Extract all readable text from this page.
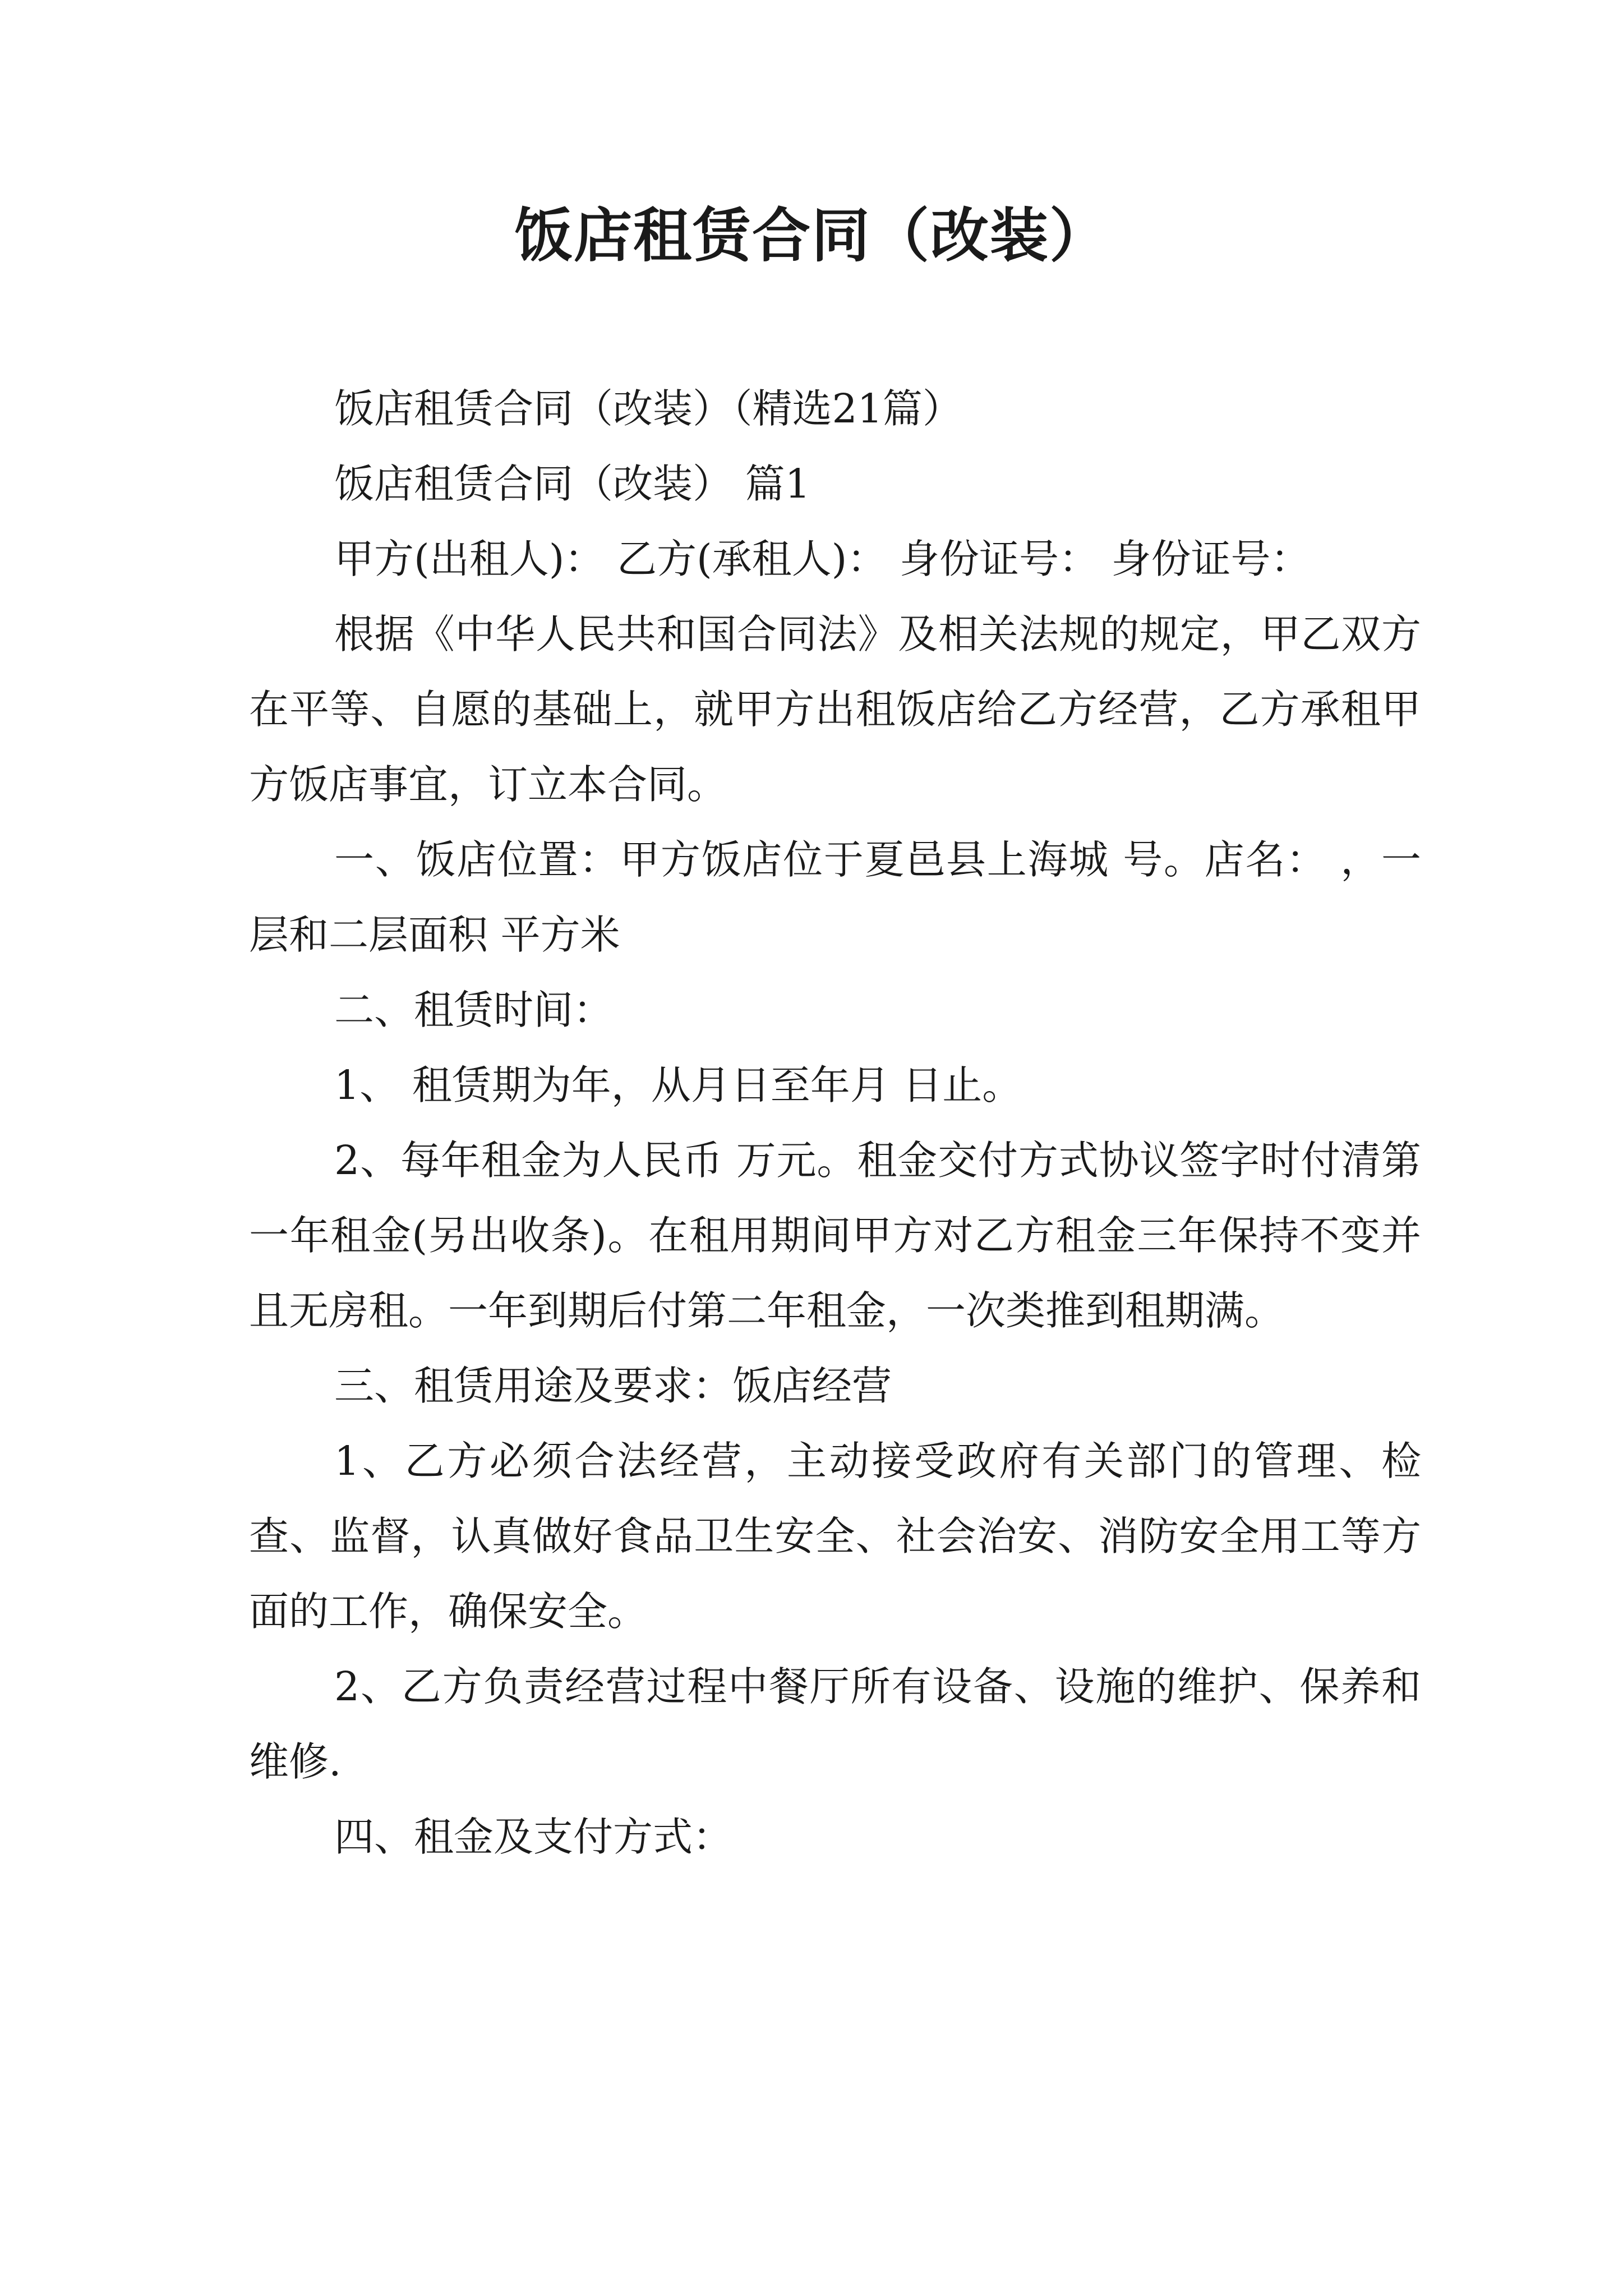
饭店租赁合同（改装）

饭店租赁合同（改装）（精选21篇）

饭店租赁合同（改装） 篇1

甲方(出租人)： 乙方(承租人)： 身份证号： 身份证号：

根据《中华人民共和国合同法》及相关法规的规定，甲乙双方在平等、自愿的基础上，就甲方出租饭店给乙方经营，乙方承租甲方饭店事宜，订立本合同。

一、饭店位置：甲方饭店位于夏邑县上海城 号。店名： ，一层和二层面积 平方米

二、租赁时间：

1、 租赁期为年，从月日至年月 日止。

2、每年租金为人民币 万元。租金交付方式协议签字时付清第一年租金(另出收条)。在租用期间甲方对乙方租金三年保持不变并且无房租。一年到期后付第二年租金，一次类推到租期满。

三、租赁用途及要求：饭店经营

1、乙方必须合法经营，主动接受政府有关部门的管理、检查、监督，认真做好食品卫生安全、社会治安、消防安全用工等方面的工作，确保安全。

2、乙方负责经营过程中餐厅所有设备、设施的维护、保养和维修.

四、租金及支付方式：
